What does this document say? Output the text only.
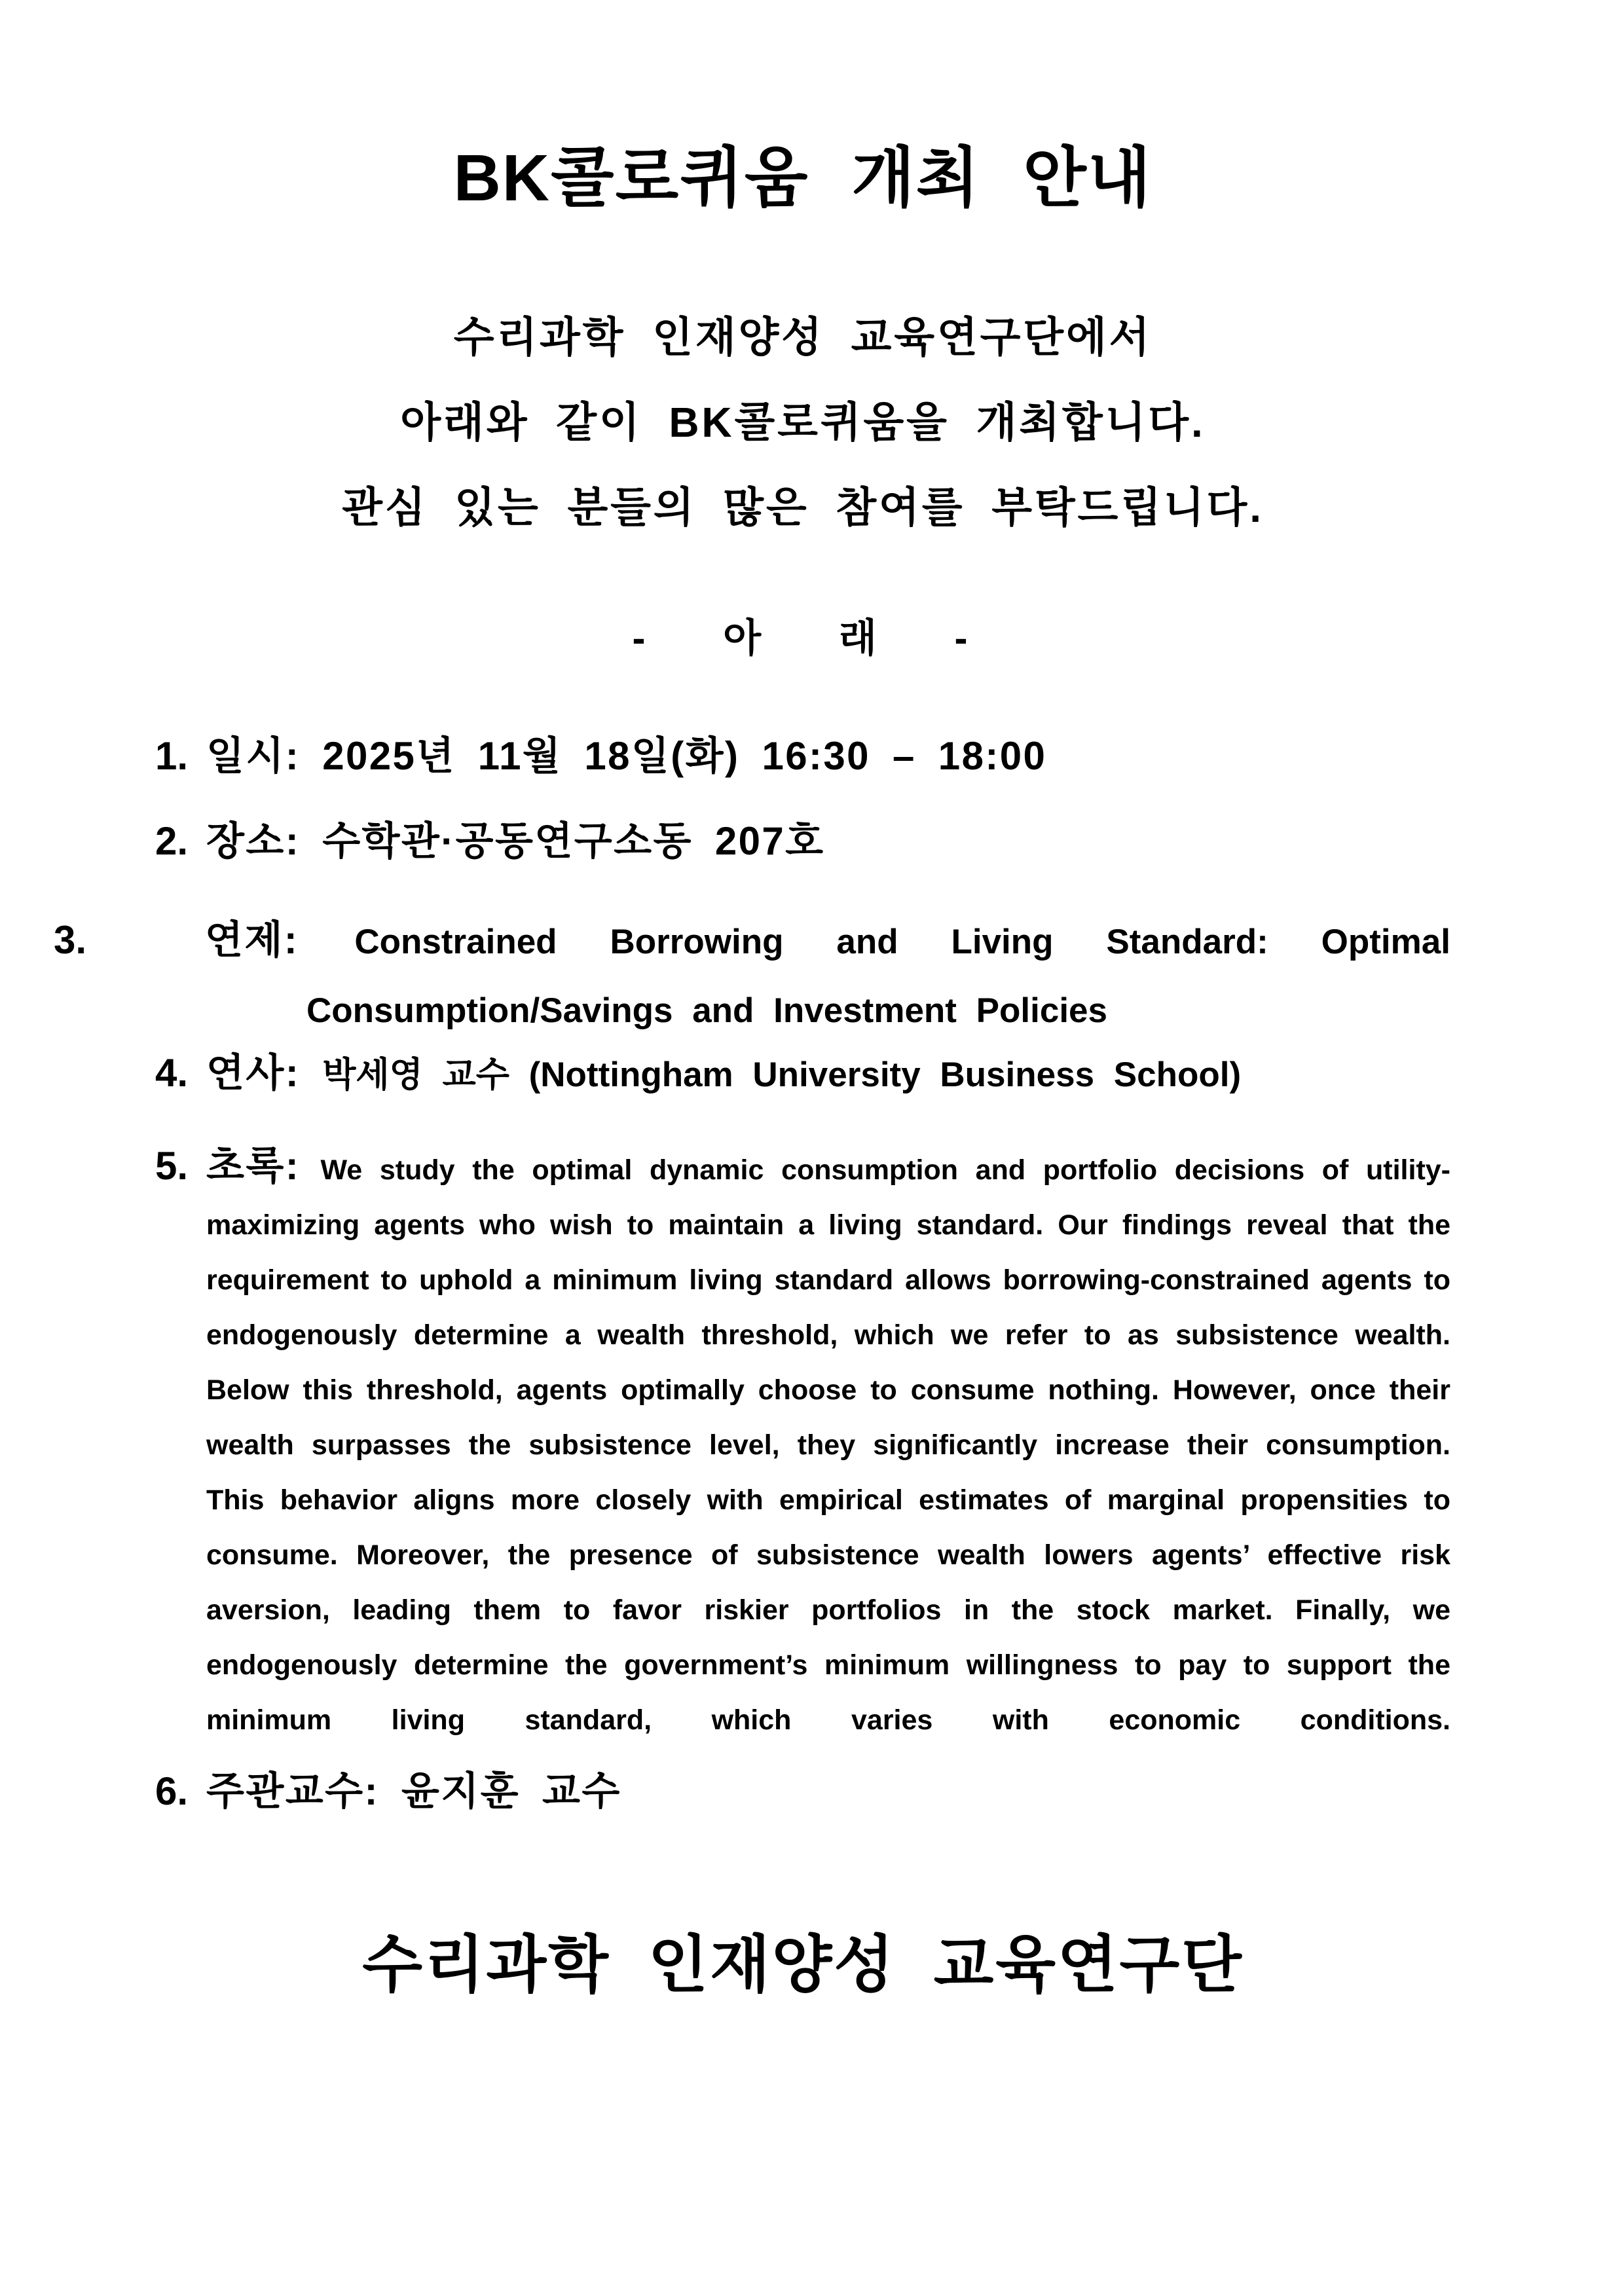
BK콜로퀴움 개최 안내

수리과학 인재양성 교육연구단에서

아래와 같이 BK콜로퀴움을 개최합니다.

관심 있는 분들의 많은 참여를 부탁드립니다.

- 아 래 -
1. 일시: 2025년 11월 18일(화) 16:30 – 18:00
2. 장소: 수학관·공동연구소동 207호
3.	연제: Constrained Borrowing and Living Standard: Optimal Consumption/Savings and Investment Policies
4. 연사: 박세영 교수 (Nottingham University Business School)
5. 초록: We study the optimal dynamic consumption and portfolio decisions of utility-maximizing agents who wish to maintain a living standard. Our findings reveal that the requirement to uphold a minimum living standard allows borrowing-constrained agents to endogenously determine a wealth threshold, which we refer to as subsistence wealth. Below this threshold, agents optimally choose to consume nothing. However, once their wealth surpasses the subsistence level, they significantly increase their consumption. This behavior aligns more closely with empirical estimates of marginal propensities to consume. Moreover, the presence of subsistence wealth lowers agents’ effective risk aversion, leading them to favor riskier portfolios in the stock market. Finally, we endogenously determine the government’s minimum willingness to pay to support the minimum living standard, which varies with economic conditions.
6. 주관교수: 윤지훈 교수
수리과학 인재양성 교육연구단
